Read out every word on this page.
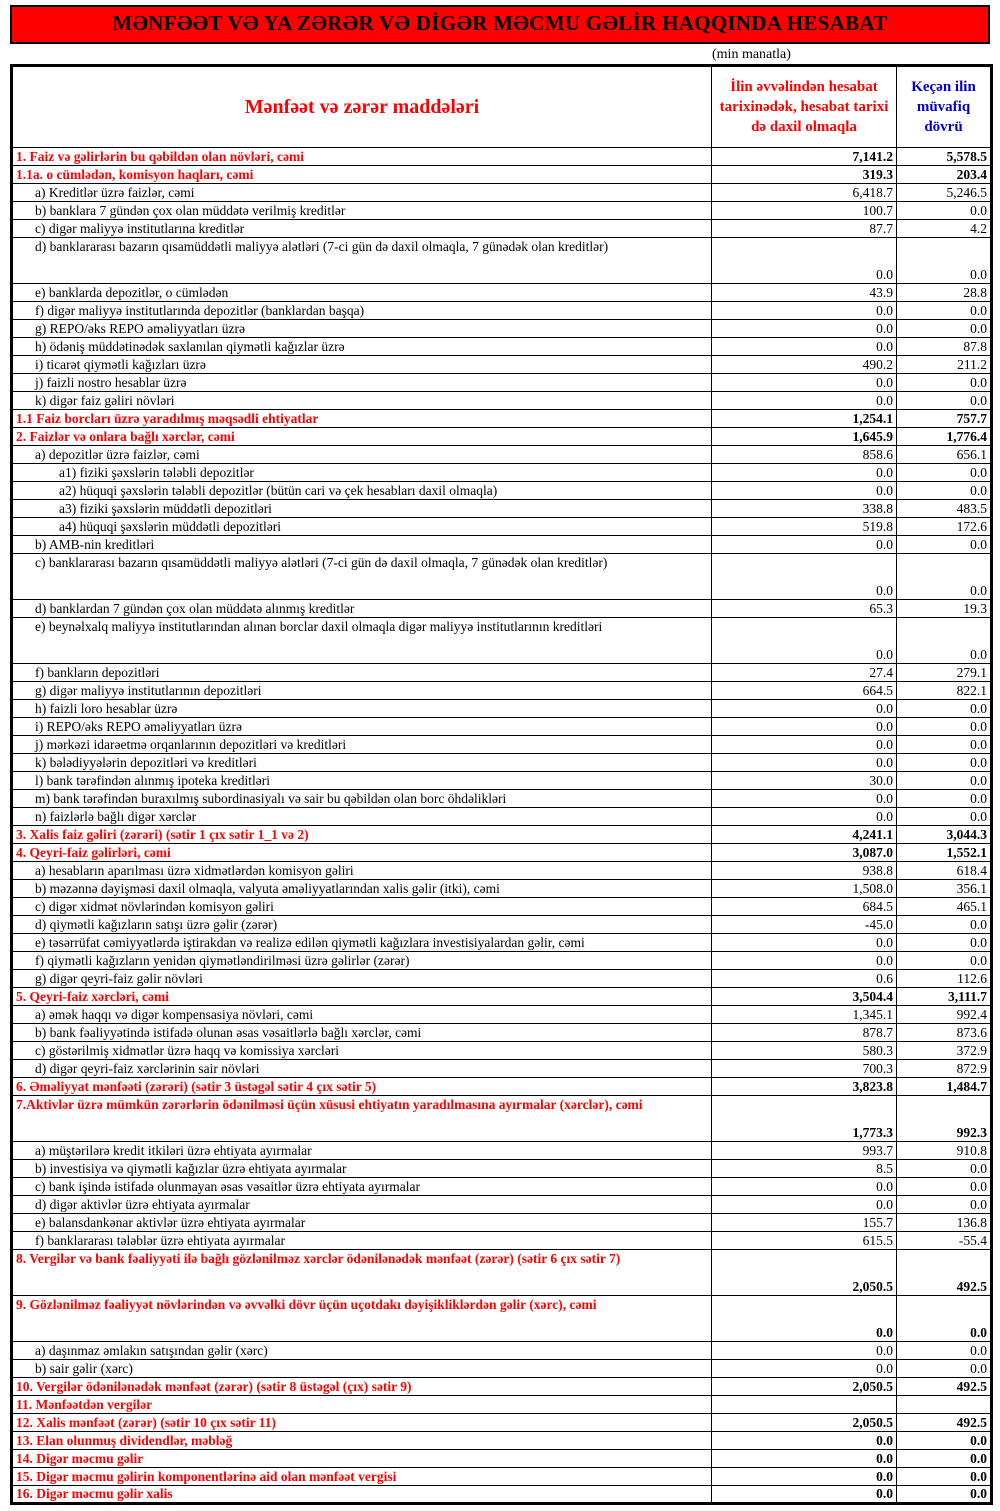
MƏNFƏƏT VƏ YA ZƏRƏR VƏ DİGƏR MƏCMU GƏLİR HAQQINDA HESABAT
(min manatla)
Mənfəət və zərər maddələri	İlin əvvəlindən hesabat tarixinədək, hesabat tarixi də daxil olmaqla	Keçən ilin müvafiq dövrü
1. Faiz və gəlirlərin bu qəbildən olan növləri, cəmi	7,141.2	5,578.5
1.1a. o cümlədən, komisyon haqları, cəmi	319.3	203.4
a) Kreditlər üzrə faizlər, cəmi	6,418.7	5,246.5
b) banklara 7 gündən çox olan müddətə verilmiş kreditlər	100.7	0.0
c) digər maliyyə institutlarına kreditlər	87.7	4.2
d) banklararası bazarın qısamüddətli maliyyə alətləri (7-ci gün də daxil olmaqla, 7 günədək olan kreditlər)	0.0	0.0
e) banklarda depozitlər, o cümlədən	43.9	28.8
f) digər maliyyə institutlarında depozitlər (banklardan başqa)	0.0	0.0
g) REPO/əks REPO əməliyyatları üzrə	0.0	0.0
h) ödəniş müddətinədək saxlanılan qiymətli kağızlar üzrə	0.0	87.8
i) ticarət qiymətli kağızları üzrə	490.2	211.2
j) faizli nostro hesablar üzrə	0.0	0.0
k) digər faiz gəliri növləri	0.0	0.0
1.1 Faiz borcları üzrə yaradılmış məqsədli ehtiyatlar	1,254.1	757.7
2. Faizlər və onlara bağlı xərclər, cəmi	1,645.9	1,776.4
a) depozitlər üzrə faizlər, cəmi	858.6	656.1
a1) fiziki şəxslərin tələbli depozitlər	0.0	0.0
a2) hüquqi şəxslərin tələbli depozitlər (bütün cari və çek hesabları daxil olmaqla)	0.0	0.0
a3) fiziki şəxslərin müddətli depozitləri	338.8	483.5
a4) hüquqi şəxslərin müddətli depozitləri	519.8	172.6
b) AMB-nin kreditləri	0.0	0.0
c) banklararası bazarın qısamüddətli maliyyə alətləri (7-ci gün də daxil olmaqla, 7 günədək olan kreditlər)	0.0	0.0
d) banklardan 7 gündən çox olan müddətə alınmış kreditlər	65.3	19.3
e) beynəlxalq maliyyə institutlarından alınan borclar daxil olmaqla digər maliyyə institutlarının kreditləri	0.0	0.0
f) bankların depozitləri	27.4	279.1
g) digər maliyyə institutlarının depozitləri	664.5	822.1
h) faizli loro hesablar üzrə	0.0	0.0
i) REPO/əks REPO əməliyyatları üzrə	0.0	0.0
j) mərkəzi idarəetmə orqanlarının depozitləri və kreditləri	0.0	0.0
k) bələdiyyələrin depozitləri və kreditləri	0.0	0.0
l) bank tərəfindən alınmış ipoteka kreditləri	30.0	0.0
m) bank tərəfindən buraxılmış subordinasiyalı və sair bu qəbildən olan borc öhdəlikləri	0.0	0.0
n) faizlərlə bağlı digər xərclər	0.0	0.0
3. Xalis faiz gəliri (zərəri) (sətir 1 çıx sətir 1_1 və 2)	4,241.1	3,044.3
4. Qeyri-faiz gəlirləri, cəmi	3,087.0	1,552.1
a) hesabların aparılması üzrə xidmətlərdən komisyon gəliri	938.8	618.4
b) məzənnə dəyişməsi daxil olmaqla, valyuta əməliyyatlarından xalis gəlir (itki), cəmi	1,508.0	356.1
c) digər xidmət növlərindən komisyon gəliri	684.5	465.1
d) qiymətli kağızların satışı üzrə gəlir (zərər)	-45.0	0.0
e) təsərrüfat cəmiyyətlərdə iştirakdan və realizə edilən qiymətli kağızlara investisiyalardan gəlir, cəmi	0.0	0.0
f) qiymətli kağızların yenidən qiymətləndirilməsi üzrə gəlirlər (zərər)	0.0	0.0
g) digər qeyri-faiz gəlir növləri	0.6	112.6
5. Qeyri-faiz xərcləri, cəmi	3,504.4	3,111.7
a) əmək haqqı və digər kompensasiya növləri, cəmi	1,345.1	992.4
b) bank fəaliyyətində istifadə olunan əsas vəsaitlərlə bağlı xərclər, cəmi	878.7	873.6
c) göstərilmiş xidmətlər üzrə haqq və komissiya xərcləri	580.3	372.9
d) digər qeyri-faiz xərclərinin sair növləri	700.3	872.9
6. Əməliyyat mənfəəti (zərəri) (sətir 3 üstəgəl sətir 4 çıx sətir 5)	3,823.8	1,484.7
7.Aktivlər üzrə mümkün zərərlərin ödənilməsi üçün xüsusi ehtiyatın yaradılmasına ayırmalar (xərclər), cəmi	1,773.3	992.3
a) müştərilərə kredit itkiləri üzrə ehtiyata ayırmalar	993.7	910.8
b) investisiya və qiymətli kağızlar üzrə ehtiyata ayırmalar	8.5	0.0
c) bank işində istifadə olunmayan əsas vəsaitlər üzrə ehtiyata ayırmalar	0.0	0.0
d) digər aktivlər üzrə ehtiyata ayırmalar	0.0	0.0
e) balansdankənar aktivlər üzrə ehtiyata ayırmalar	155.7	136.8
f) banklararası tələblər üzrə ehtiyata ayırmalar	615.5	-55.4
8. Vergilər və bank fəaliyyəti ilə bağlı gözlənilməz xərclər ödənilənədək mənfəət (zərər) (sətir 6 çıx sətir 7)	2,050.5	492.5
9. Gözlənilməz fəaliyyət növlərindən və əvvəlki dövr üçün uçotdakı dəyişikliklərdən gəlir (xərc), cəmi	0.0	0.0
a) daşınmaz əmlakın satışından gəlir (xərc)	0.0	0.0
b) sair gəlir (xərc)	0.0	0.0
10. Vergilər ödənilənədək mənfəət (zərər) (sətir 8 üstəgəl (çıx) sətir 9)	2,050.5	492.5
11. Mənfəətdən vergilər		
12. Xalis mənfəət (zərər) (sətir 10 çıx sətir 11)	2,050.5	492.5
13. Elan olunmuş dividendlər, məbləğ	0.0	0.0
14. Digər məcmu gəlir	0.0	0.0
15. Digər məcmu gəlirin komponentlərinə aid olan mənfəət vergisi	0.0	0.0
16. Digər məcmu gəlir xalis	0.0	0.0
